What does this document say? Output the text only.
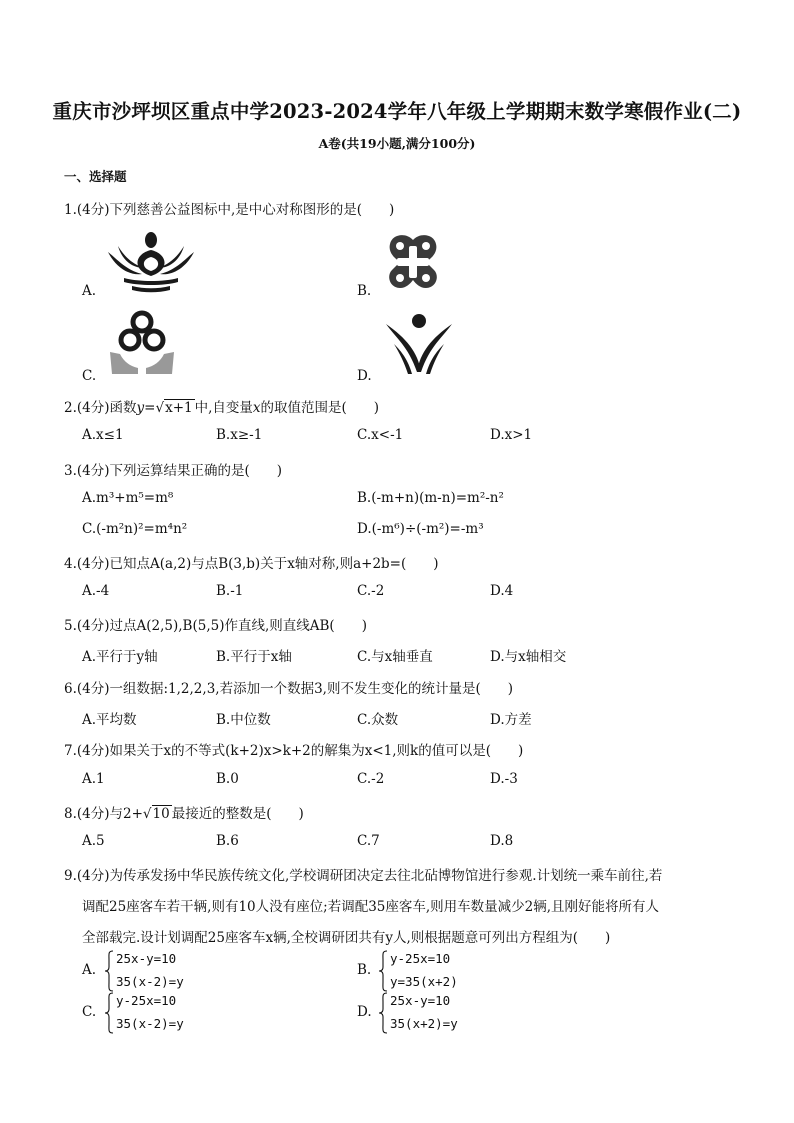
重庆市沙坪坝区重点中学2023-2024学年八年级上学期期末数学寒假作业(二)
A卷(共19小题,满分100分)
一、选择题
1.(4分)下列慈善公益图标中,是中心对称图形的是(　　)
A.	B.
C.	D.
2.(4分)函数y=√x+1 中,自变量x的取值范围是(　　)
A.x≤1	B.x≥-1	C.x<-1	D.x>1
3.(4分)下列运算结果正确的是(　　)
A.m³+m⁵=m⁸	B.(-m+n)(m-n)=m²-n²
C.(-m²n)²=m⁴n²	D.(-m⁶)÷(-m²)=-m³
4.(4分)已知点A(a,2)与点B(3,b)关于x轴对称,则a+2b=(　　)
A.-4	B.-1	C.-2	D.4
5.(4分)过点A(2,5),B(5,5)作直线,则直线AB(　　)
A.平行于y轴	B.平行于x轴	C.与x轴垂直	D.与x轴相交
6.(4分)一组数据:1,2,2,3,若添加一个数据3,则不发生变化的统计量是(　　)
A.平均数	B.中位数	C.众数	D.方差
7.(4分)如果关于x的不等式(k+2)x>k+2的解集为x<1,则k的值可以是(　　)
A.1	B.0	C.-2	D.-3
8.(4分)与2+√10 最接近的整数是(　　)
A.5	B.6	C.7	D.8
9.(4分)为传承发扬中华民族传统文化,学校调研团决定去往北砧博物馆进行参观.计划统一乘车前往,若
调配25座客车若干辆,则有10人没有座位;若调配35座客车,则用车数量减少2辆,且刚好能将所有人
全部载完.设计划调配25座客车x辆,全校调研团共有y人,则根据题意可列出方程组为(　　)
A.
25x-y=10
35(x-2)=y
B.
y-25x=10
y=35(x+2)
C.
y-25x=10
35(x-2)=y
D.
25x-y=10
35(x+2)=y
